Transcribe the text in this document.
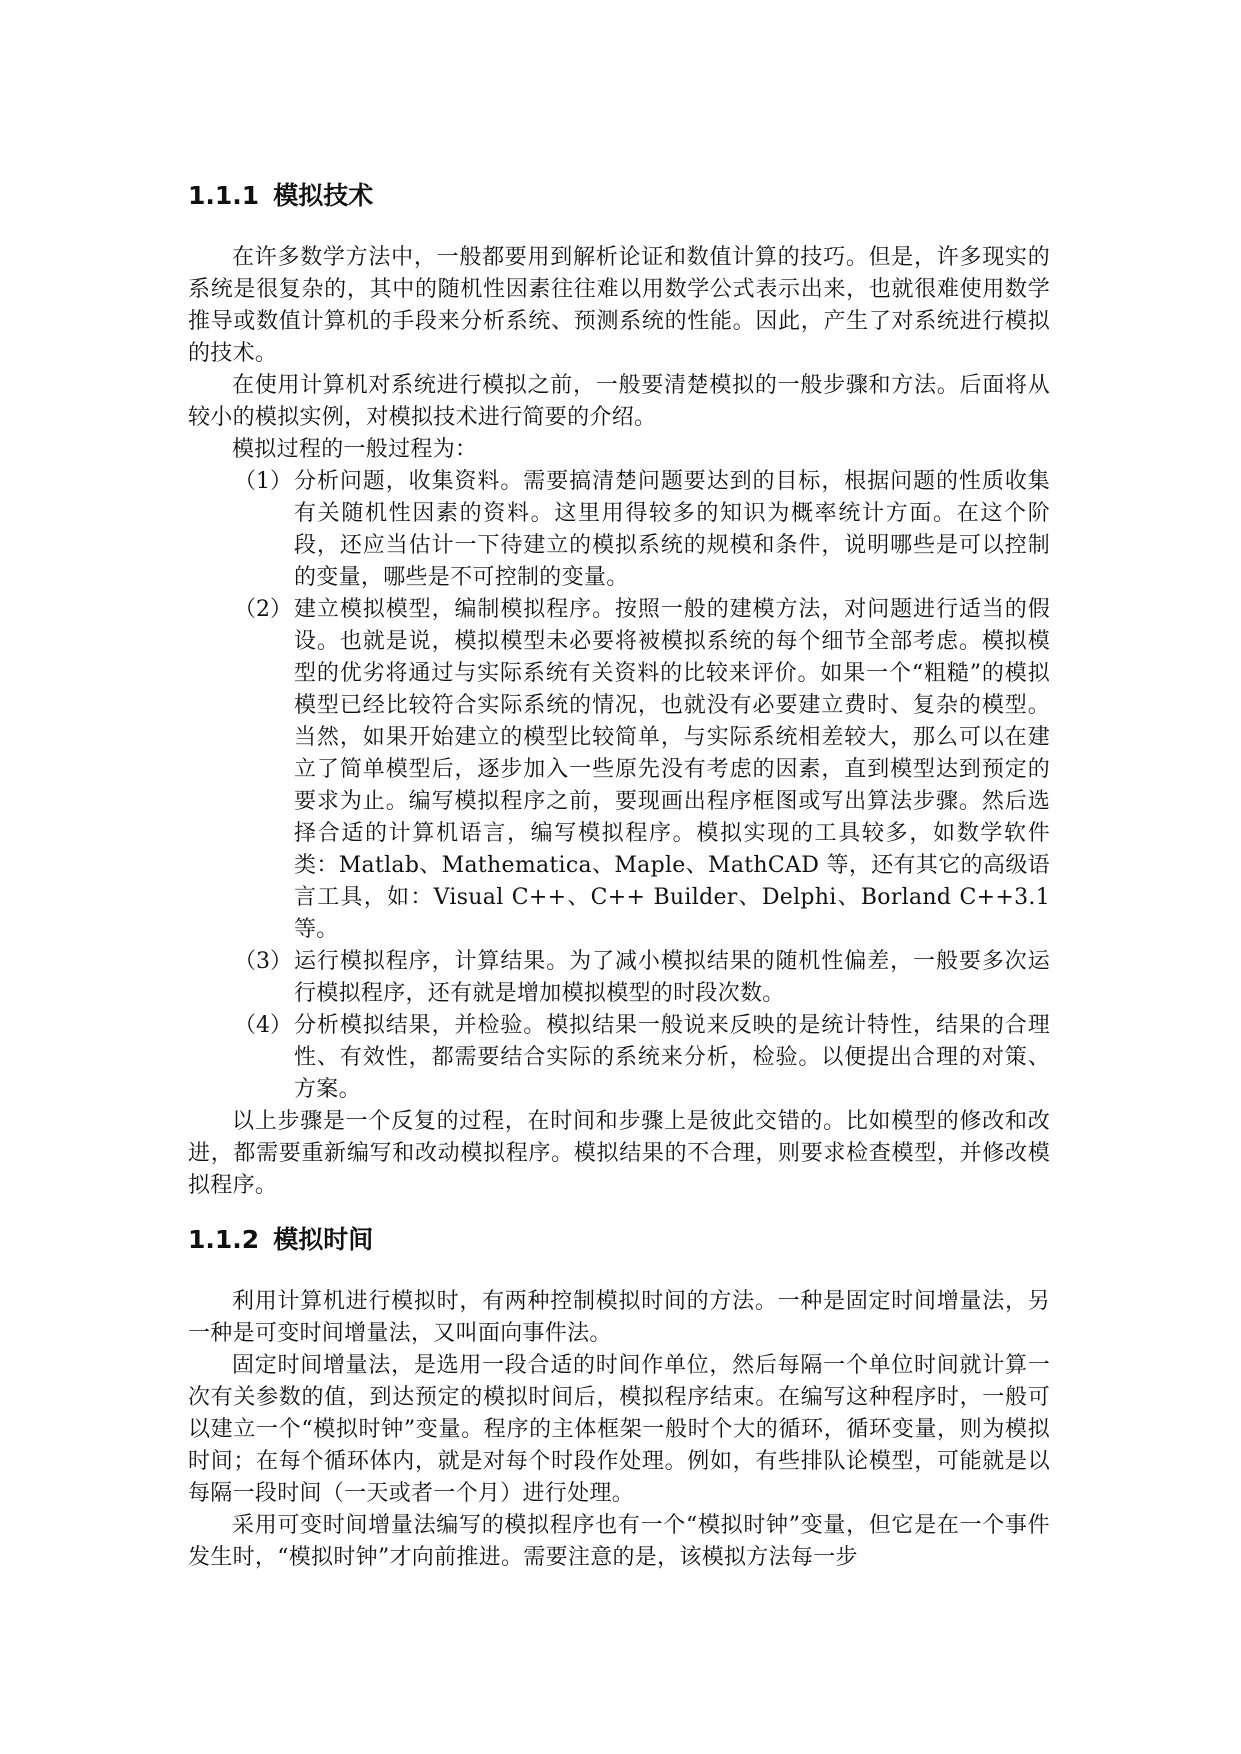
1.1.1 模拟技术

在许多数学方法中，一般都要用到解析论证和数值计算的技巧。但是，许多现实的系统是很复杂的，其中的随机性因素往往难以用数学公式表示出来，也就很难使用数学推导或数值计算机的手段来分析系统、预测系统的性能。因此，产生了对系统进行模拟的技术。

在使用计算机对系统进行模拟之前，一般要清楚模拟的一般步骤和方法。后面将从较小的模拟实例，对模拟技术进行简要的介绍。

模拟过程的一般过程为：

（1） 分析问题，收集资料。需要搞清楚问题要达到的目标，根据问题的性质收集有关随机性因素的资料。这里用得较多的知识为概率统计方面。在这个阶段，还应当估计一下待建立的模拟系统的规模和条件，说明哪些是可以控制的变量，哪些是不可控制的变量。

（2） 建立模拟模型，编制模拟程序。按照一般的建模方法，对问题进行适当的假设。也就是说，模拟模型未必要将被模拟系统的每个细节全部考虑。模拟模型的优劣将通过与实际系统有关资料的比较来评价。如果一个“粗糙”的模拟模型已经比较符合实际系统的情况，也就没有必要建立费时、复杂的模型。当然，如果开始建立的模型比较简单，与实际系统相差较大，那么可以在建立了简单模型后，逐步加入一些原先没有考虑的因素，直到模型达到预定的要求为止。编写模拟程序之前，要现画出程序框图或写出算法步骤。然后选择合适的计算机语言，编写模拟程序。模拟实现的工具较多，如数学软件类：Matlab、Mathematica、Maple、MathCAD 等，还有其它的高级语言工具，如：Visual C++、C++ Builder、Delphi、Borland C++3.1 等。

（3） 运行模拟程序，计算结果。为了减小模拟结果的随机性偏差，一般要多次运行模拟程序，还有就是增加模拟模型的时段次数。

（4） 分析模拟结果，并检验。模拟结果一般说来反映的是统计特性，结果的合理性、有效性，都需要结合实际的系统来分析，检验。以便提出合理的对策、方案。

以上步骤是一个反复的过程，在时间和步骤上是彼此交错的。比如模型的修改和改进，都需要重新编写和改动模拟程序。模拟结果的不合理，则要求检查模型，并修改模拟程序。

1.1.2 模拟时间

利用计算机进行模拟时，有两种控制模拟时间的方法。一种是固定时间增量法，另一种是可变时间增量法，又叫面向事件法。

固定时间增量法，是选用一段合适的时间作单位，然后每隔一个单位时间就计算一次有关参数的值，到达预定的模拟时间后，模拟程序结束。在编写这种程序时，一般可以建立一个“模拟时钟”变量。程序的主体框架一般时个大的循环，循环变量，则为模拟时间；在每个循环体内，就是对每个时段作处理。例如，有些排队论模型，可能就是以每隔一段时间（一天或者一个月）进行处理。

采用可变时间增量法编写的模拟程序也有一个“模拟时钟”变量，但它是在一个事件发生时，“模拟时钟”才向前推进。需要注意的是，该模拟方法每一步
